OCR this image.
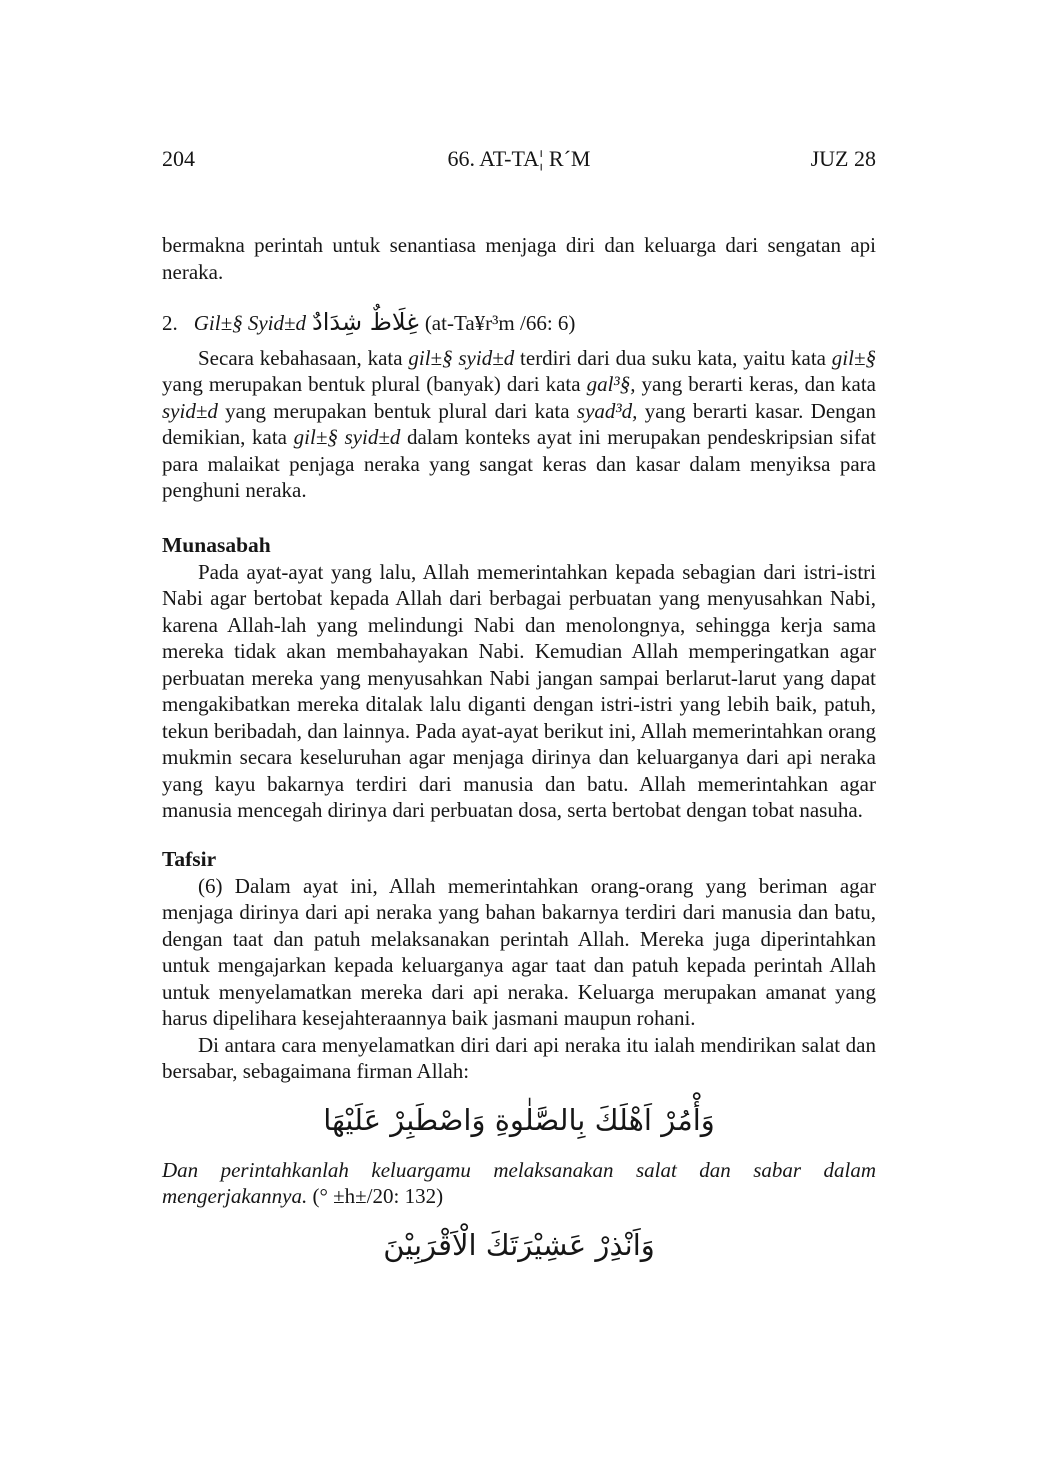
204	66. AT-TA¦ R´M	JUZ 28

bermakna perintah untuk senantiasa menjaga diri dan keluarga dari sengatan api neraka.

2. Gil±§ Syid±d غِلَاظٌ شِدَادٌ (at-Ta¥r³m /66: 6)

Secara kebahasaan, kata gil±§ syid±d terdiri dari dua suku kata, yaitu kata gil±§ yang merupakan bentuk plural (banyak) dari kata gal³§, yang berarti keras, dan kata syid±d yang merupakan bentuk plural dari kata syad³d, yang berarti kasar. Dengan demikian, kata gil±§ syid±d dalam konteks ayat ini merupakan pendeskripsian sifat para malaikat penjaga neraka yang sangat keras dan kasar dalam menyiksa para penghuni neraka.

Munasabah

Pada ayat-ayat yang lalu, Allah memerintahkan kepada sebagian dari istri-istri Nabi agar bertobat kepada Allah dari berbagai perbuatan yang menyusahkan Nabi, karena Allah-lah yang melindungi Nabi dan menolongnya, sehingga kerja sama mereka tidak akan membahayakan Nabi. Kemudian Allah memperingatkan agar perbuatan mereka yang menyusahkan Nabi jangan sampai berlarut-larut yang dapat mengakibatkan mereka ditalak lalu diganti dengan istri-istri yang lebih baik, patuh, tekun beribadah, dan lainnya. Pada ayat-ayat berikut ini, Allah memerintahkan orang mukmin secara keseluruhan agar menjaga dirinya dan keluarganya dari api neraka yang kayu bakarnya terdiri dari manusia dan batu. Allah memerintahkan agar manusia mencegah dirinya dari perbuatan dosa, serta bertobat dengan tobat nasuha.

Tafsir

(6) Dalam ayat ini, Allah memerintahkan orang-orang yang beriman agar menjaga dirinya dari api neraka yang bahan bakarnya terdiri dari manusia dan batu, dengan taat dan patuh melaksanakan perintah Allah. Mereka juga diperintahkan untuk mengajarkan kepada keluarganya agar taat dan patuh kepada perintah Allah untuk menyelamatkan mereka dari api neraka. Keluarga merupakan amanat yang harus dipelihara kesejahteraannya baik jasmani maupun rohani.

Di antara cara menyelamatkan diri dari api neraka itu ialah mendirikan salat dan bersabar, sebagaimana firman Allah:

وَأْمُرْ اَهْلَكَ بِالصَّلٰوةِ وَاصْطَبِرْ عَلَيْهَا

Dan perintahkanlah keluargamu melaksanakan salat dan sabar dalam mengerjakannya. (° ±h±/20: 132)

وَاَنْذِرْ عَشِيْرَتَكَ الْاَقْرَبِيْنَ
